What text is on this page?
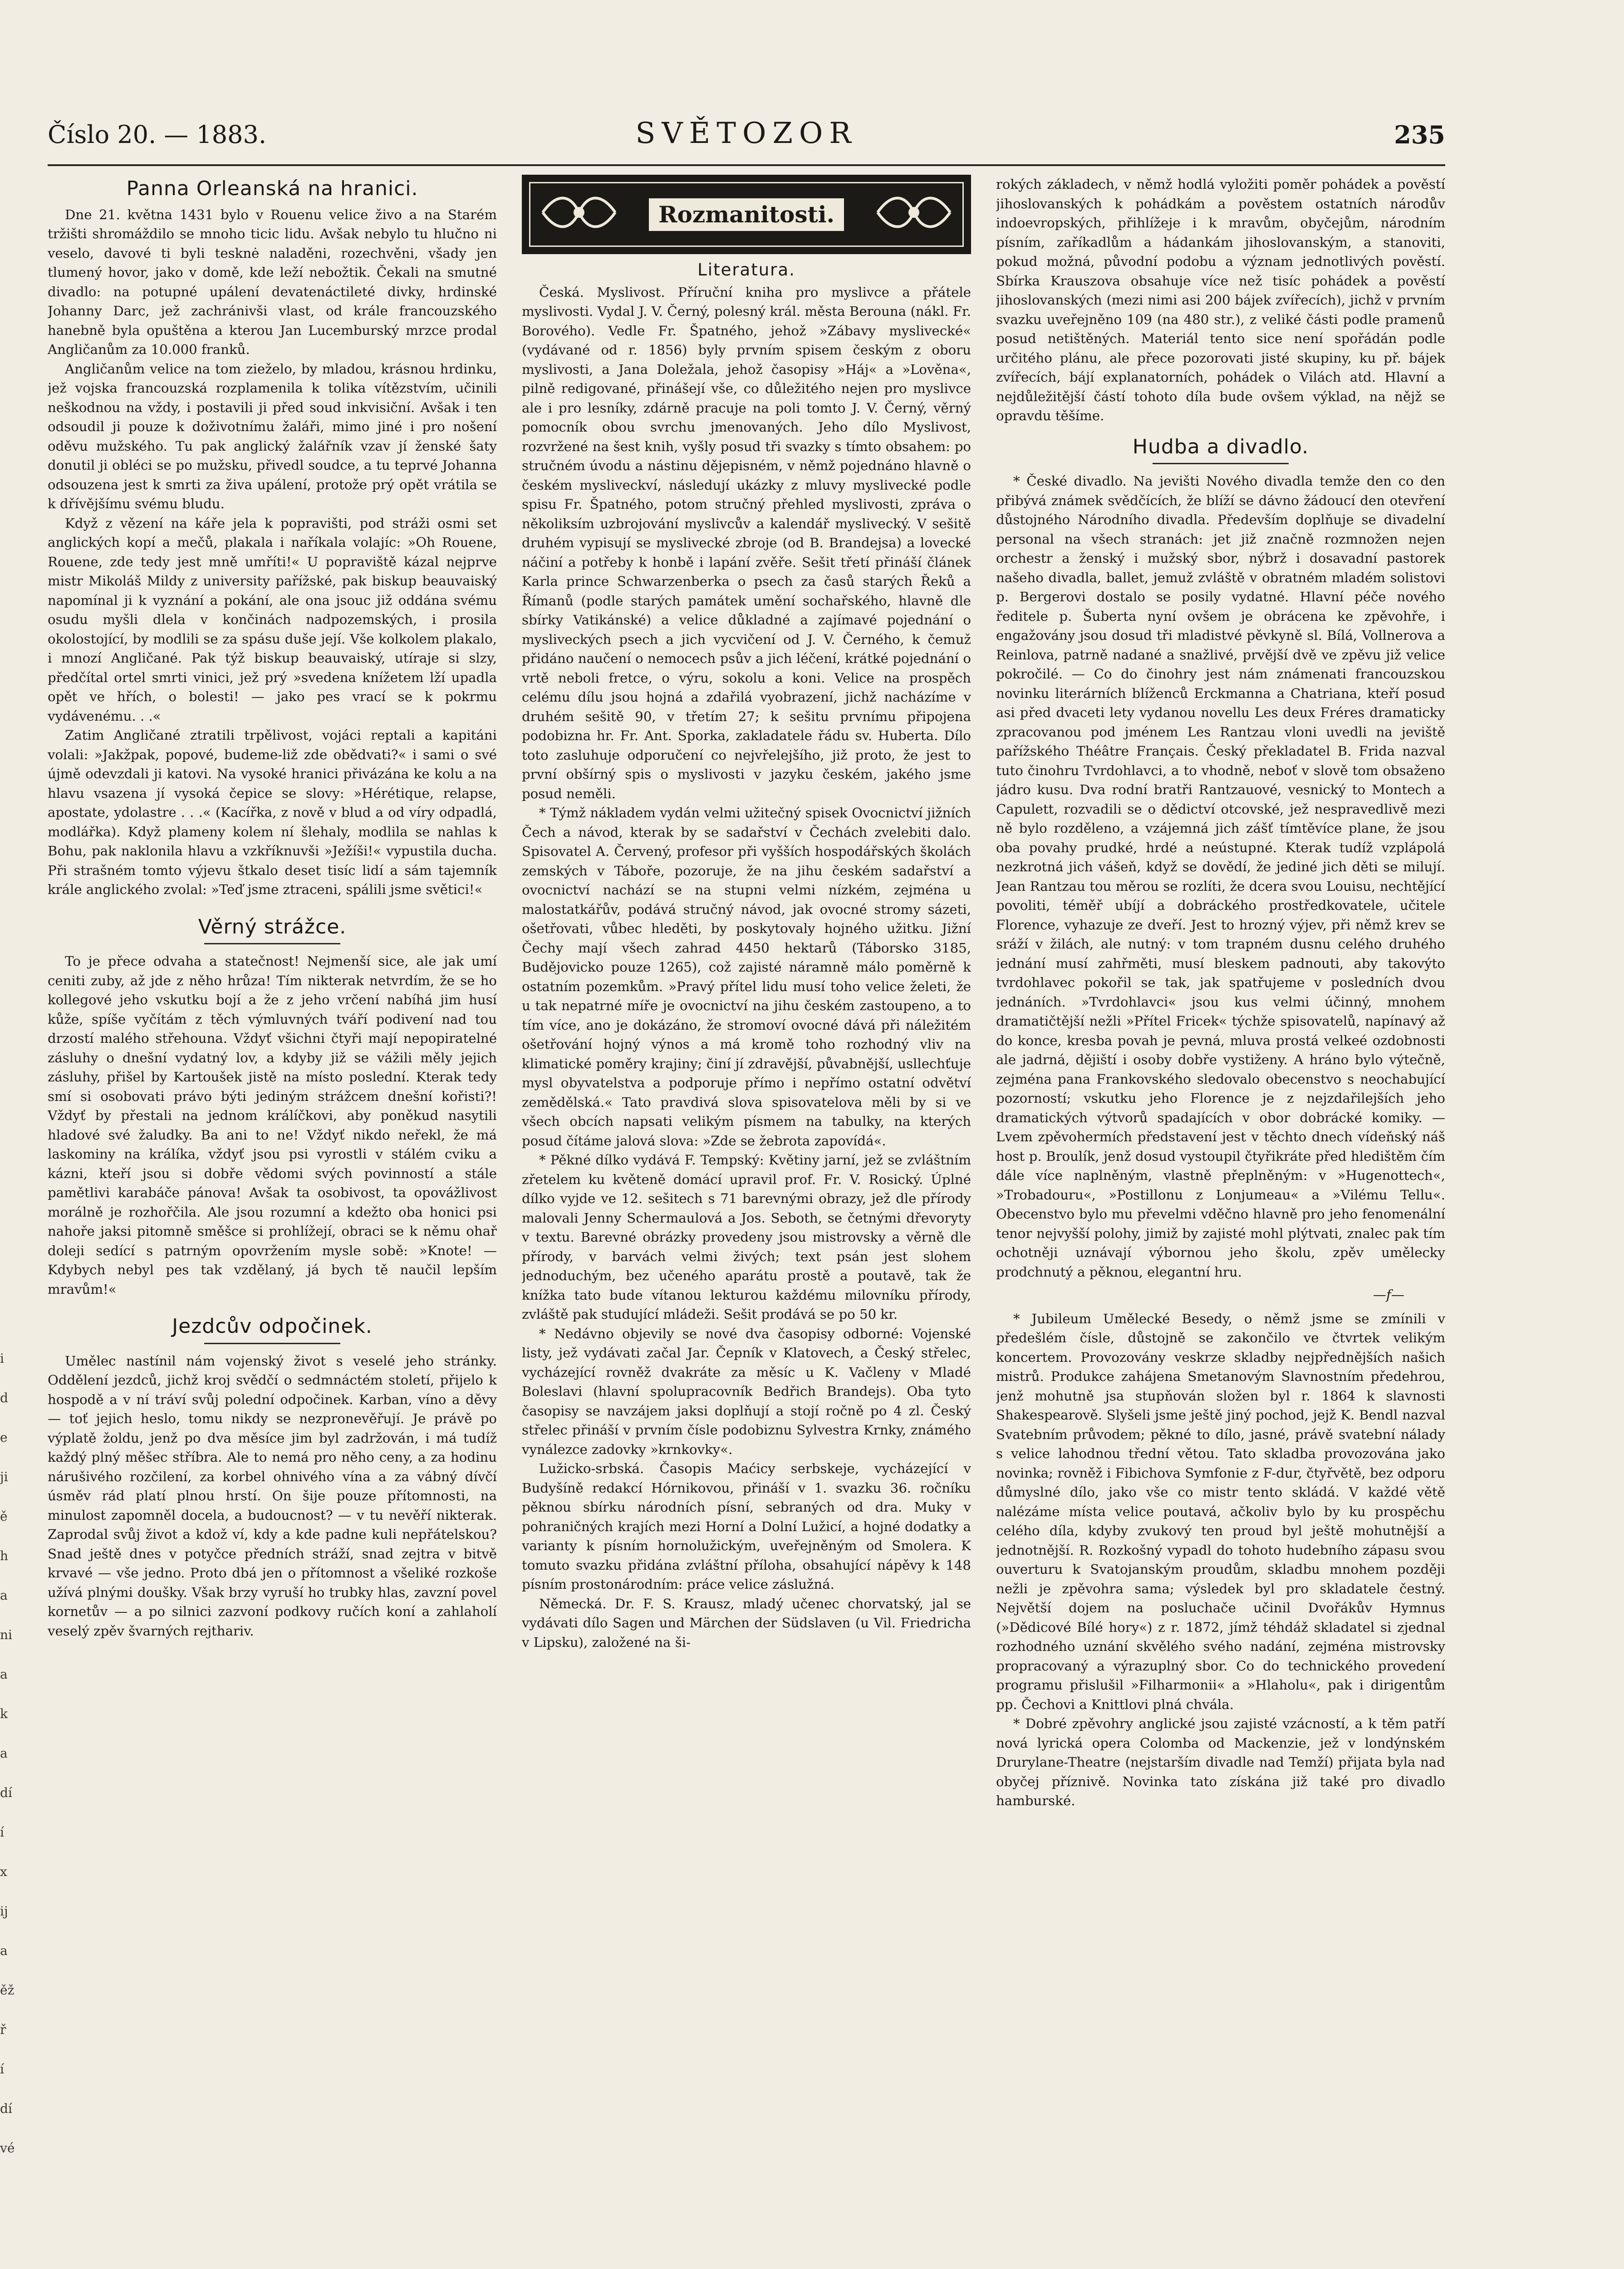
Číslo 20. — 1883.	SVĚTOZOR	235
Panna Orleanská na hranici.

Dne 21. května 1431 bylo v Rouenu velice živo a na Starém tržišti shromáždilo se mnoho ticic lidu. Avšak nebylo tu hlučno ni veselo, davové ti byli tesknė naladěni, rozechvěni, všady jen tlumený hovor, jako v domě, kde leží nebožtik. Čekali na smutné divadlo: na potupné upálení devatenáctileté divky, hrdinské Johanny Darc, jež zachránivši vlast, od krále francouzského hanebně byla opuštěna a kterou Jan Lucemburský mrzce prodal Angličanům za 10.000 franků.

Angličanům velice na tom zieželo, by mladou, krásnou hrdinku, jež vojska francouzská rozplamenila k tolika vítězstvím, učinili neškodnou na vždy, i postavili ji před soud inkvisiční. Avšak i ten odsoudil ji pouze k doživotnímu žaláři, mimo jiné i pro nošení oděvu mužského. Tu pak anglický žalářník vzav jí ženské šaty donutil ji obléci se po mužsku, přivedl soudce, a tu teprvé Johanna odsouzena jest k smrti za živa upálení, protože prý opět vrátila se k dřívějšímu svému bludu.

Když z vězení na káře jela k popravišti, pod stráži osmi set anglických kopí a mečů, plakala i naříkala volajíc: »Oh Rouene, Rouene, zde tedy jest mně umříti!« U popraviště kázal nejprve mistr Mikoláš Mildy z university pařížské, pak biskup beauvaiský napomínal ji k vyznání a pokání, ale ona jsouc již oddána svému osudu myšli dlela v končinách nadpozemských, i prosila okolostojící, by modlili se za spásu duše její. Vše kolkolem plakalo, i mnozí Angličané. Pak týž biskup beauvaiský, utíraje si slzy, předčítal ortel smrti vinici, jež prý »svedena knížetem lží upadla opět ve hřích, o bolesti! — jako pes vrací se k pokrmu vydávenému. . .«

Zatim Angličané ztratili trpělivost, vojáci reptali a kapitáni volali: »Jakžpak, popové, budeme-liž zde obědvati?« i sami o své újmě odevzdali ji katovi. Na vysoké hranici přivázána ke kolu a na hlavu vsazena jí vysoká čepice se slovy: »Hérétique, relapse, apostate, ydolastre . . .« (Kacířka, z nově v blud a od víry odpadlá, modlářka). Když plameny kolem ní šlehaly, modlila se nahlas k Bohu, pak naklonila hlavu a vzkříknuvši »Ježíši!« vypustila ducha. Při strašném tomto výjevu štkalo deset tisíc lidí a sám tajemník krále anglického zvolal: »Teď jsme ztraceni, spálili jsme světici!«

Věrný strážce.

To je přece odvaha a statečnost! Nejmenší sice, ale jak umí ceniti zuby, až jde z něho hrůza! Tím nikterak netvrdím, že se ho kollegové jeho vskutku bojí a že z jeho vrčení nabíhá jim husí kůže, spíše vyčítám z těch výmluvných tváří podivení nad tou drzostí malého střehouna. Vždyť všichni čtyři mají nepopiratelné zásluhy o dnešní vydatný lov, a kdyby již se vážili měly jejich zásluhy, přišel by Kartoušek jistě na místo poslední. Kterak tedy smí si osobovati právo býti jediným strážcem dnešní kořisti?! Vždyť by přestali na jednom králíčkovi, aby poněkud nasytili hladové své žaludky. Ba ani to ne! Vždyť nikdo neřekl, že má laskominy na králíka, vždyť jsou psi vyrostli v stálém cviku a kázni, kteří jsou si dobře vědomi svých povinností a stále pamětlivi karabáče pánova! Avšak ta osobivost, ta opovážlivost morálně je rozhořčila. Ale jsou rozumní a kdežto oba honici psi nahoře jaksi pitomně směšce si prohlížejí, obraci se k němu ohař doleji sedící s patrným opovržením mysle sobě: »Knote! — Kdybych nebyl pes tak vzdělaný, já bych tě naučil lepším mravům!«

Jezdcův odpočinek.

Umělec nastínil nám vojenský život s veselé jeho stránky. Oddělení jezdců, jichž kroj svědčí o sedmnáctém století, přijelo k hospodě a v ní tráví svůj polední odpočinek. Karban, víno a děvy — toť jejich heslo, tomu nikdy se nezpronevěřují. Je právě po výplatě žoldu, jenž po dva měsíce jim byl zadržován, i má tudíž každý plný měšec stříbra. Ale to nemá pro něho ceny, a za hodinu nárušivého rozčilení, za korbel ohnivého vína a za vábný dívčí úsměv rád platí plnou hrstí. On šije pouze přítomnosti, na minulost zapomněl docela, a budoucnost? — v tu nevěří nikterak. Zaprodal svůj život a kdož ví, kdy a kde padne kuli nepřátelskou? Snad ještě dnes v potyčce předních stráží, snad zejtra v bitvě krvavé — vše jedno. Proto dbá jen o přítomnost a všeliké rozkoše užívá plnými doušky. Však brzy vyruší ho trubky hlas, zavzní povel kornetův — a po silnici zazvoní podkovy ručích koní a zahlaholí veselý zpěv švarných rejthariv.

Rozmanitosti.
Literatura.

Česká. Myslivost. Příruční kniha pro myslivce a přátele myslivosti. Vydal J. V. Černý, polesný král. města Berouna (nákl. Fr. Borového). Vedle Fr. Špatného, jehož »Zábavy myslivecké« (vydávané od r. 1856) byly prvním spisem českým z oboru myslivosti, a Jana Doležala, jehož časopisy »Háj« a »Lověna«, pilně redigované, přinášejí vše, co důležitého nejen pro myslivce ale i pro lesníky, zdárně pracuje na poli tomto J. V. Černý, věrný pomocník obou svrchu jmenovaných. Jeho dílo Myslivost, rozvržené na šest knih, vyšly posud tři svazky s tímto obsahem: po stručném úvodu a nástinu dějepisném, v němž pojednáno hlavně o českém mysliveckví, následují ukázky z mluvy myslivecké podle spisu Fr. Špatného, potom stručný přehled myslivosti, zpráva o několiksím uzbrojování myslivcův a kalendář myslivecký. V sešitě druhém vypisují se myslivecké zbroje (od B. Brandejsa) a lovecké náčiní a potřeby k honbě i lapání zvěře. Sešit třetí přináší článek Karla prince Schwarzenberka o psech za časů starých Řeků a Římanů (podle starých památek umění sochařského, hlavně dle sbírky Vatikánské) a velice důkladné a zajímavé pojednání o mysliveckých psech a jich vycvičení od J. V. Černého, k čemuž přidáno naučení o nemocech psův a jich léčení, krátké pojednání o vrtě neboli fretce, o výru, sokolu a koni. Velice na prospěch celému dílu jsou hojná a zdařilá vyobrazení, jichž nacházíme v druhém sešitě 90, v třetím 27; k sešitu prvnímu připojena podobizna hr. Fr. Ant. Sporka, zakladatele řádu sv. Huberta. Dílo toto zasluhuje odporučení co nejvřelejšího, již proto, že jest to první obšírný spis o myslivosti v jazyku českém, jakého jsme posud neměli.

* Týmž nákladem vydán velmi užitečný spisek Ovocnictví jižních Čech a návod, kterak by se sadařství v Čechách zvelebiti dalo. Spisovatel A. Červený, profesor při vyšších hospodářských školách zemských v Táboře, pozoruje, že na jihu českém sadařství a ovocnictví nachází se na stupni velmi nízkém, zejména u malostatkářův, podává stručný návod, jak ovocné stromy sázeti, ošetřovati, vůbec hleděti, by poskytovaly hojného užitku. Jižní Čechy mají všech zahrad 4450 hektarů (Táborsko 3185, Budějovicko pouze 1265), což zajisté náramně málo poměrně k ostatním pozemkům. »Pravý přítel lidu musí toho velice želeti, že u tak nepatrné míře je ovocnictví na jihu českém zastoupeno, a to tím více, ano je dokázáno, že stromoví ovocné dává při náležitém ošetřování hojný výnos a má kromě toho rozhodný vliv na klimatické poměry krajiny; činí jí zdravější, půvabnější, usllechťuje mysl obyvatelstva a podporuje přímo i nepřímo ostatní odvětví zemědělská.« Tato pravdivá slova spisovatelova měli by si ve všech obcích napsati velikým písmem na tabulky, na kterých posud čítáme jalová slova: »Zde se žebrota zapovídá«.

* Pěkné dílko vydává F. Tempský: Květiny jarní, jež se zvláštním zřetelem ku květeně domácí upravil prof. Fr. V. Rosický. Úplné dílko vyjde ve 12. sešitech s 71 barevnými obrazy, jež dle přírody malovali Jenny Schermaulová a Jos. Seboth, se četnými dřevoryty v textu. Barevné obrázky provedeny jsou mistrovsky a věrně dle přírody, v barvách velmi živých; text psán jest slohem jednoduchým, bez učeného aparátu prostě a poutavě, tak že knížka tato bude vítanou lekturou každému milovníku přírody, zvláště pak studující mládeži. Sešit prodává se po 50 kr.

* Nedávno objevily se nové dva časopisy odborné: Vojenské listy, jež vydávati začal Jar. Čepník v Klatovech, a Český střelec, vycházející rovněž dvakráte za měsíc u K. Vačleny v Mladé Boleslavi (hlavní spolupracovník Bedřich Brandejs). Oba tyto časopisy se navzájem jaksi doplňují a stojí ročně po 4 zl. Český střelec přináší v prvním čísle podobiznu Sylvestra Krnky, známého vynálezce zadovky »krnkovky«.

Lužicko-srbská. Časopis Maćicy serbskeje, vycházející v Budyšíně redakcí Hórnikovou, přináší v 1. svazku 36. ročníku pěknou sbírku národních písní, sebraných od dra. Muky v pohraničných krajích mezi Horní a Dolní Lužicí, a hojné dodatky a varianty k písním hornolužickým, uveřejněným od Smolera. K tomuto svazku přidána zvláštní příloha, obsahující nápěvy k 148 písním prostonárodním: práce velice záslužná.

Německá. Dr. F. S. Krausz, mladý učenec chorvatský, jal se vydávati dílo Sagen und Märchen der Südslaven (u Vil. Friedricha v Lipsku), založené na ši-

rokých základech, v němž hodlá vyložiti poměr pohádek a pověstí jihoslovanských k pohádkám a pověstem ostatních národův indoevropských, přihlížeje i k mravům, obyčejům, národním písním, zaříkadlům a hádankám jihoslovanským, a stanoviti, pokud možná, původní podobu a význam jednotlivých pověstí. Sbírka Krauszova obsahuje více než tisíc pohádek a pověstí jihoslovanských (mezi nimi asi 200 bájek zvířecích), jichž v prvním svazku uveřejněno 109 (na 480 str.), z veliké části podle pramenů posud netištěných. Materiál tento sice není spořádán podle určitého plánu, ale přece pozorovati jisté skupiny, ku př. bájek zvířecích, bájí explanatorních, pohádek o Vilách atd. Hlavní a nejdůležitější částí tohoto díla bude ovšem výklad, na nějž se opravdu těšíme.

Hudba a divadlo.

* České divadlo. Na jevišti Nového divadla temže den co den přibývá známek svědčících, že blíží se dávno žádoucí den otevření důstojného Národního divadla. Především doplňuje se divadelní personal na všech stranách: jet již značně rozmnožen nejen orchestr a ženský i mužský sbor, nýbrž i dosavadní pastorek našeho divadla, ballet, jemuž zvláště v obratném mladém solistovi p. Bergerovi dostalo se posily vydatné. Hlavní péče nového ředitele p. Šuberta nyní ovšem je obrácena ke zpěvohře, i engažovány jsou dosud tři mladistvé pěvkyně sl. Bílá, Vollnerova a Reinlova, patrně nadané a snažlivé, prvější dvě ve zpěvu již velice pokročilé. — Co do činohry jest nám známenati francouzskou novinku literárních blíženců Erckmanna a Chatriana, kteří posud asi před dvaceti lety vydanou novellu Les deux Fréres dramaticky zpracovanou pod jménem Les Rantzau vloni uvedli na jeviště pařížského Théâtre Français. Český překladatel B. Frida nazval tuto činohru Tvrdohlavci, a to vhodně, neboť v slově tom obsaženo jádro kusu. Dva rodní bratři Rantzauové, vesnický to Montech a Capulett, rozvadili se o dědictví otcovské, jež nespravedlivě mezi ně bylo rozděleno, a vzájemná jich zášť tímtěvíce plane, že jsou oba povahy prudké, hrdé a neústupné. Kterak tudíž vzplápolá nezkrotná jich vášeň, když se dovědí, že jediné jich děti se milují. Jean Rantzau tou měrou se rozlíti, že dcera svou Louisu, nechtějící povoliti, téměř ubíjí a dobráckého prostředkovatele, učitele Florence, vyhazuje ze dveří. Jest to hrozný výjev, při němž krev se sráží v žilách, ale nutný: v tom trapném dusnu celého druhého jednání musí zahřměti, musí bleskem padnouti, aby takovýto tvrdohlavec pokořil se tak, jak spatřujeme v posledních dvou jednáních. »Tvrdohlavci« jsou kus velmi účinný, mnohem dramatičtější nežli »Přítel Fricek« týchže spisovatelů, napínavý až do konce, kresba povah je pevná, mluva prostá velkeé ozdobnosti ale jadrná, dějiští i osoby dobře vystiženy. A hráno bylo výtečně, zejména pana Frankovského sledovalo obecenstvo s neochabující pozorností; vskutku jeho Florence je z nejzdařilejších jeho dramatických výtvorů spadajících v obor dobrácké komiky. — Lvem zpěvohermích představení jest v těchto dnech vídeňský náš host p. Broulík, jenž dosud vystoupil čtyřikráte před hledištěm čím dále více naplněným, vlastně přeplněným: v »Hugenottech«, »Trobadouru«, »Postillonu z Lonjumeau« a »Vilému Tellu«. Obecenstvo bylo mu převelmi vděčno hlavně pro jeho fenomenální tenor nejvyšší polohy, jimiž by zajisté mohl plýtvati, znalec pak tím ochotněji uznávají výbornou jeho školu, zpěv umělecky prodchnutý a pěknou, elegantní hru.

—f—

* Jubileum Umělecké Besedy, o němž jsme se zmínili v předešlém čísle, důstojně se zakončilo ve čtvrtek velikým koncertem. Provozovány veskrze skladby nejpřednějších našich mistrů. Produkce zahájena Smetanovým Slavnostním předehrou, jenž mohutně jsa stupňován složen byl r. 1864 k slavnosti Shakespearově. Slyšeli jsme ještě jiný pochod, jejž K. Bendl nazval Svatebním průvodem; pěkné to dílo, jasné, právě svatební nálady s velice lahodnou třední větou. Tato skladba provozována jako novinka; rovněž i Fibichova Symfonie z F-dur, čtyřvětě, bez odporu důmyslné dílo, jako vše co mistr tento skládá. V každé větě nalézáme místa velice poutavá, ačkoliv bylo by ku prospěchu celého díla, kdyby zvukový ten proud byl ještě mohutnější a jednotnější. R. Rozkošný vypadl do tohoto hudebního zápasu svou ouverturu k Svatojanským proudům, skladbu mnohem později nežli je zpěvohra sama; výsledek byl pro skladatele čestný. Největší dojem na posluchače učinil Dvořákův Hymnus (»Dědicové Bílé hory«) z r. 1872, jímž téhdáž skladatel si zjednal rozhodného uznání skvělého svého nadání, zejména mistrovsky propracovaný a výrazuplný sbor. Co do technického provedení programu přislušil »Filharmonii« a »Hlaholu«, pak i dirigentům pp. Čechovi a Knittlovi plná chvála.

* Dobré zpěvohry anglické jsou zajisté vzácností, a k těm patří nová lyrická opera Colomba od Mackenzie, jež v londýnském Drurylane-Theatre (nejstarším divadle nad Temží) přijata byla nad obyčej příznivě. Novinka tato získána již také pro divadlo hamburské.

i
d
e
ji
ě
h
a
ni
a
k
a
dí
í
x
ij
a
ěž
ř
í
dí
vé
